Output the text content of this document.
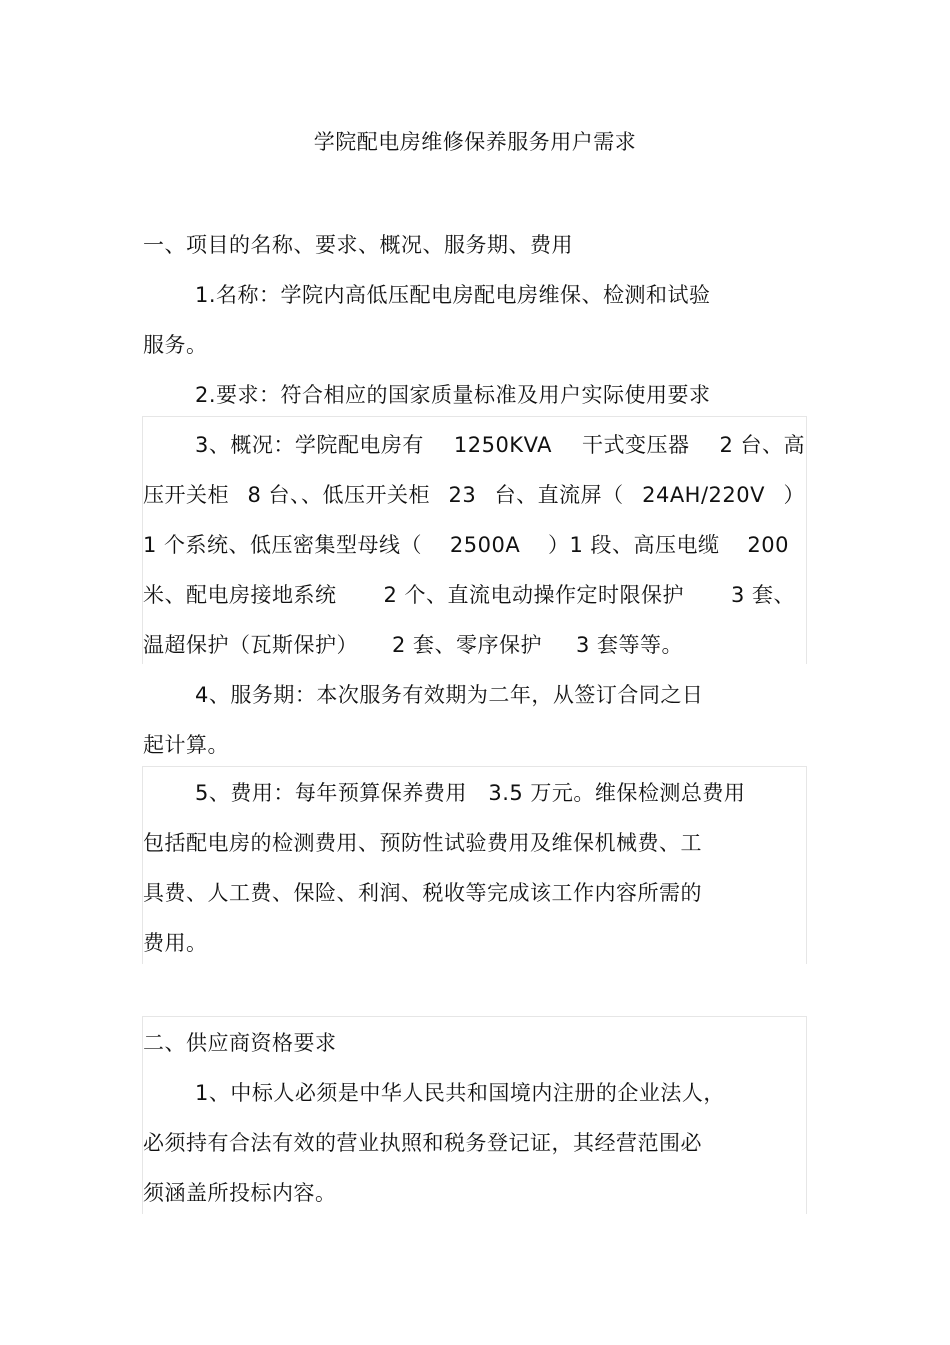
学院配电房维修保养服务用户需求
一、项目的名称、要求、概况、服务期、费用
1.名称：学院内高低压配电房配电房维保、检测和试验
服务。
2.要求：符合相应的国家质量标准及用户实际使用要求
3、概况：学院配电房有 1250KVA 干式变压器 2 台、高
压开关柜 8 台、、低压开关柜 23 台、直流屏（ 24AH/220V ）
1 个系统、低压密集型母线（ 2500A ）1 段、高压电缆 200
米、配电房接地系统 2 个、直流电动操作定时限保护 3 套、
温超保护（瓦斯保护） 2 套、零序保护 3 套等等。
4、服务期：本次服务有效期为二年，从签订合同之日
起计算。
5、费用：每年预算保养费用　3.5 万元。维保检测总费用
包括配电房的检测费用、预防性试验费用及维保机械费、工
具费、人工费、保险、利润、税收等完成该工作内容所需的
费用。
二、供应商资格要求
1、中标人必须是中华人民共和国境内注册的企业法人，
必须持有合法有效的营业执照和税务登记证，其经营范围必
须涵盖所投标内容。
